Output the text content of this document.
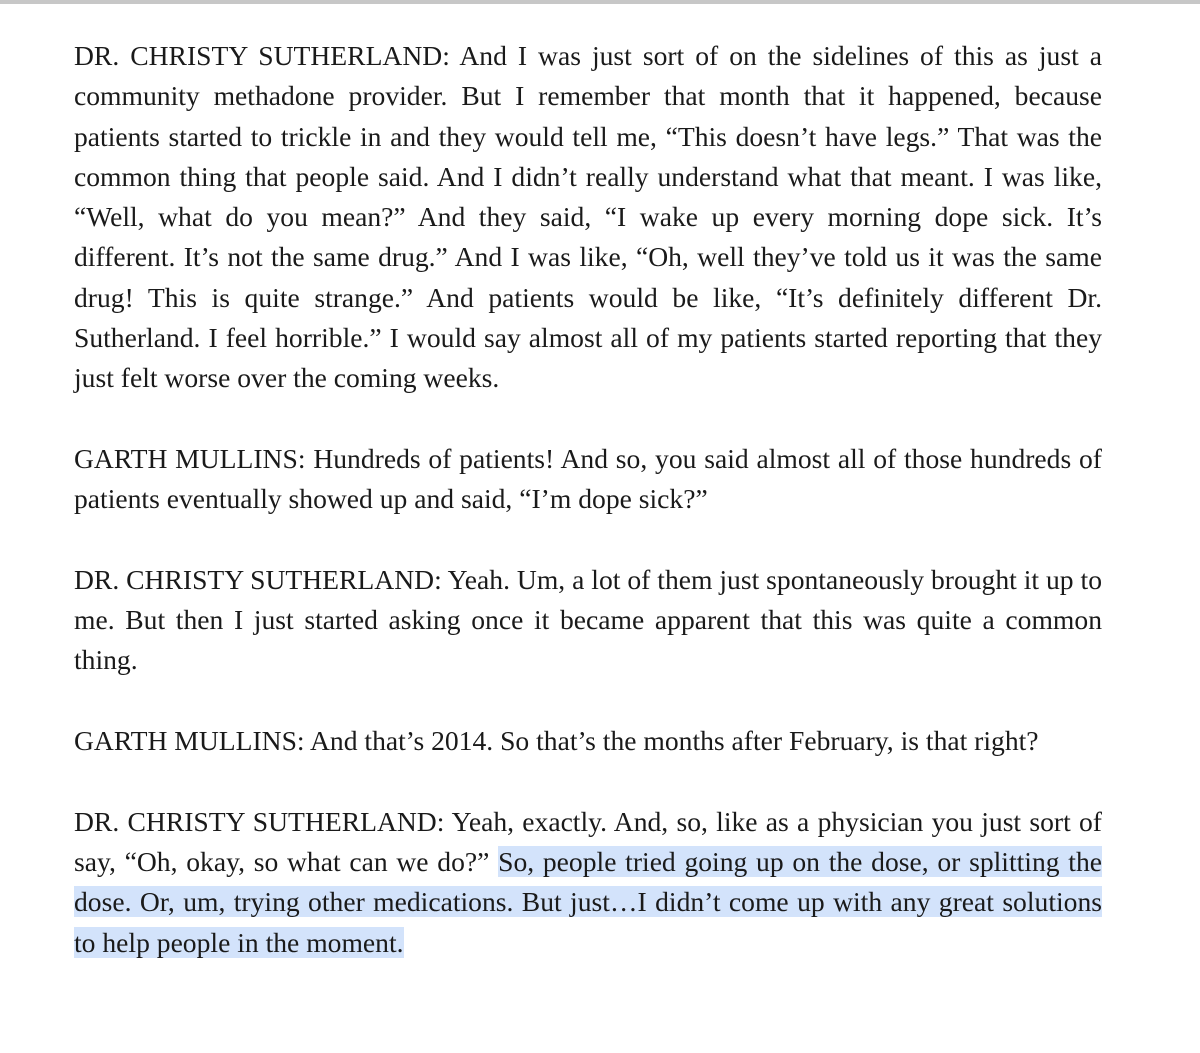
DR. CHRISTY SUTHERLAND: And I was just sort of on the sidelines of this as just a community methadone provider. But I remember that month that it happened, because patients started to trickle in and they would tell me, “This doesn’t have legs.” That was the common thing that people said. And I didn’t really understand what that meant. I was like, “Well, what do you mean?” And they said, “I wake up every morning dope sick. It’s different. It’s not the same drug.” And I was like, “Oh, well they’ve told us it was the same drug! This is quite strange.” And patients would be like, “It’s definitely different Dr. Sutherland. I feel horrible.” I would say almost all of my patients started reporting that they just felt worse over the coming weeks.

GARTH MULLINS: Hundreds of patients! And so, you said almost all of those hundreds of patients eventually showed up and said, “I’m dope sick?”

DR. CHRISTY SUTHERLAND: Yeah. Um, a lot of them just spontaneously brought it up to me. But then I just started asking once it became apparent that this was quite a common thing.

GARTH MULLINS: And that’s 2014. So that’s the months after February, is that right?

DR. CHRISTY SUTHERLAND: Yeah, exactly. And, so, like as a physician you just sort of say, “Oh, okay, so what can we do?” So, people tried going up on the dose, or splitting the dose. Or, um, trying other medications. But just…I didn’t come up with any great solutions to help people in the moment.
